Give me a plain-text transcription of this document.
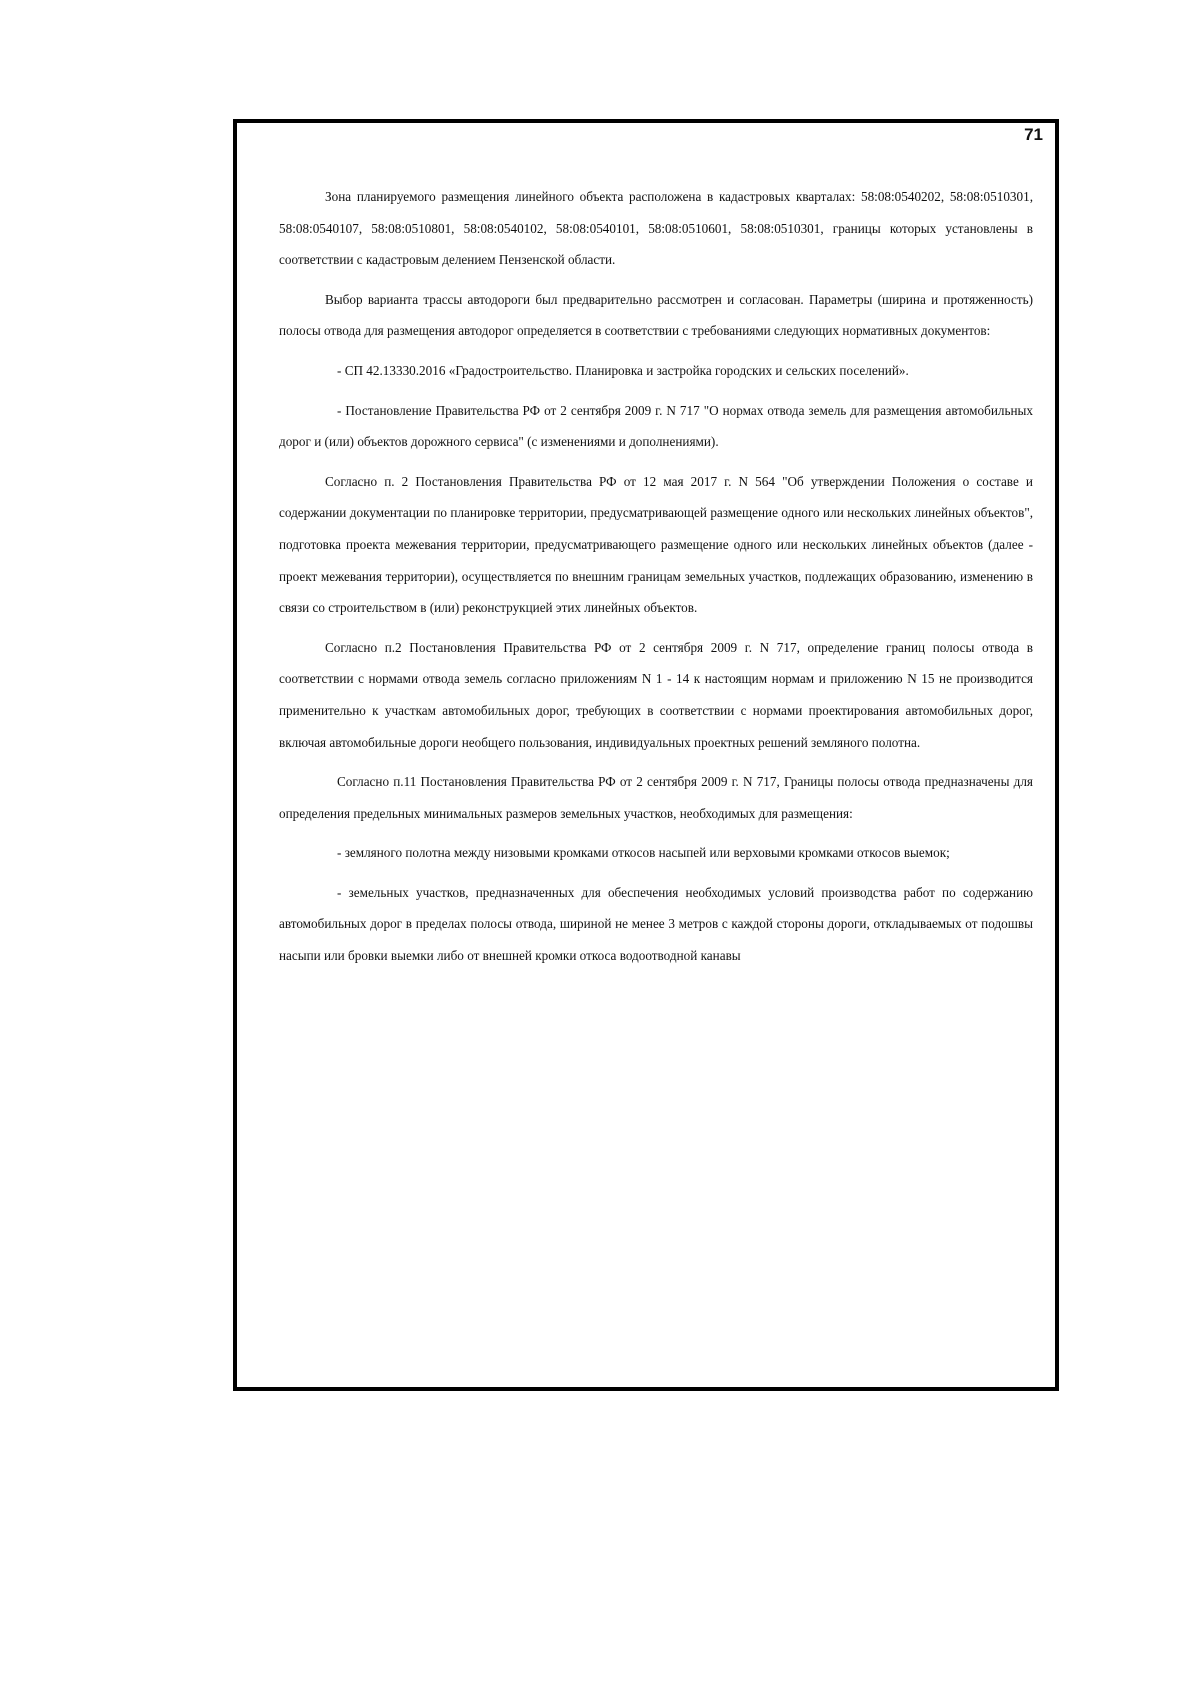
71

Зона планируемого размещения линейного объекта расположена в кадастровых кварталах: 58:08:0540202, 58:08:0510301, 58:08:0540107, 58:08:0510801, 58:08:0540102, 58:08:0540101, 58:08:0510601, 58:08:0510301, границы которых установлены в соответствии с кадастровым делением Пензенской области.

Выбор варианта трассы автодороги был предварительно рассмотрен и согласован. Параметры (ширина и протяженность) полосы отвода для размещения автодорог определяется в соответствии с требованиями следующих нормативных документов:

- СП 42.13330.2016 «Градостроительство. Планировка и застройка городских и сельских поселений».

- Постановление Правительства РФ от 2 сентября 2009 г. N 717 "О нормах отвода земель для размещения автомобильных дорог и (или) объектов дорожного сервиса" (с изменениями и дополнениями).

Согласно п. 2 Постановления Правительства РФ от 12 мая 2017 г. N 564 "Об утверждении Положения о составе и содержании документации по планировке территории, предусматривающей размещение одного или нескольких линейных объектов", подготовка проекта межевания территории, предусматривающего размещение одного или нескольких линейных объектов (далее - проект межевания территории), осуществляется по внешним границам земельных участков, подлежащих образованию, изменению в связи со строительством в (или) реконструкцией этих линейных объектов.

Согласно п.2 Постановления Правительства РФ от 2 сентября 2009 г. N 717, определение границ полосы отвода в соответствии с нормами отвода земель согласно приложениям N 1 - 14 к настоящим нормам и приложению N 15 не производится применительно к участкам автомобильных дорог, требующих в соответствии с нормами проектирования автомобильных дорог, включая автомобильные дороги необщего пользования, индивидуальных проектных решений земляного полотна.

Согласно п.11 Постановления Правительства РФ от 2 сентября 2009 г. N 717, Границы полосы отвода предназначены для определения предельных минимальных размеров земельных участков, необходимых для размещения:

- земляного полотна между низовыми кромками откосов насыпей или верховыми кромками откосов выемок;

- земельных участков, предназначенных для обеспечения необходимых условий производства работ по содержанию автомобильных дорог в пределах полосы отвода, шириной не менее 3 метров с каждой стороны дороги, откладываемых от подошвы насыпи или бровки выемки либо от внешней кромки откоса водоотводной канавы
